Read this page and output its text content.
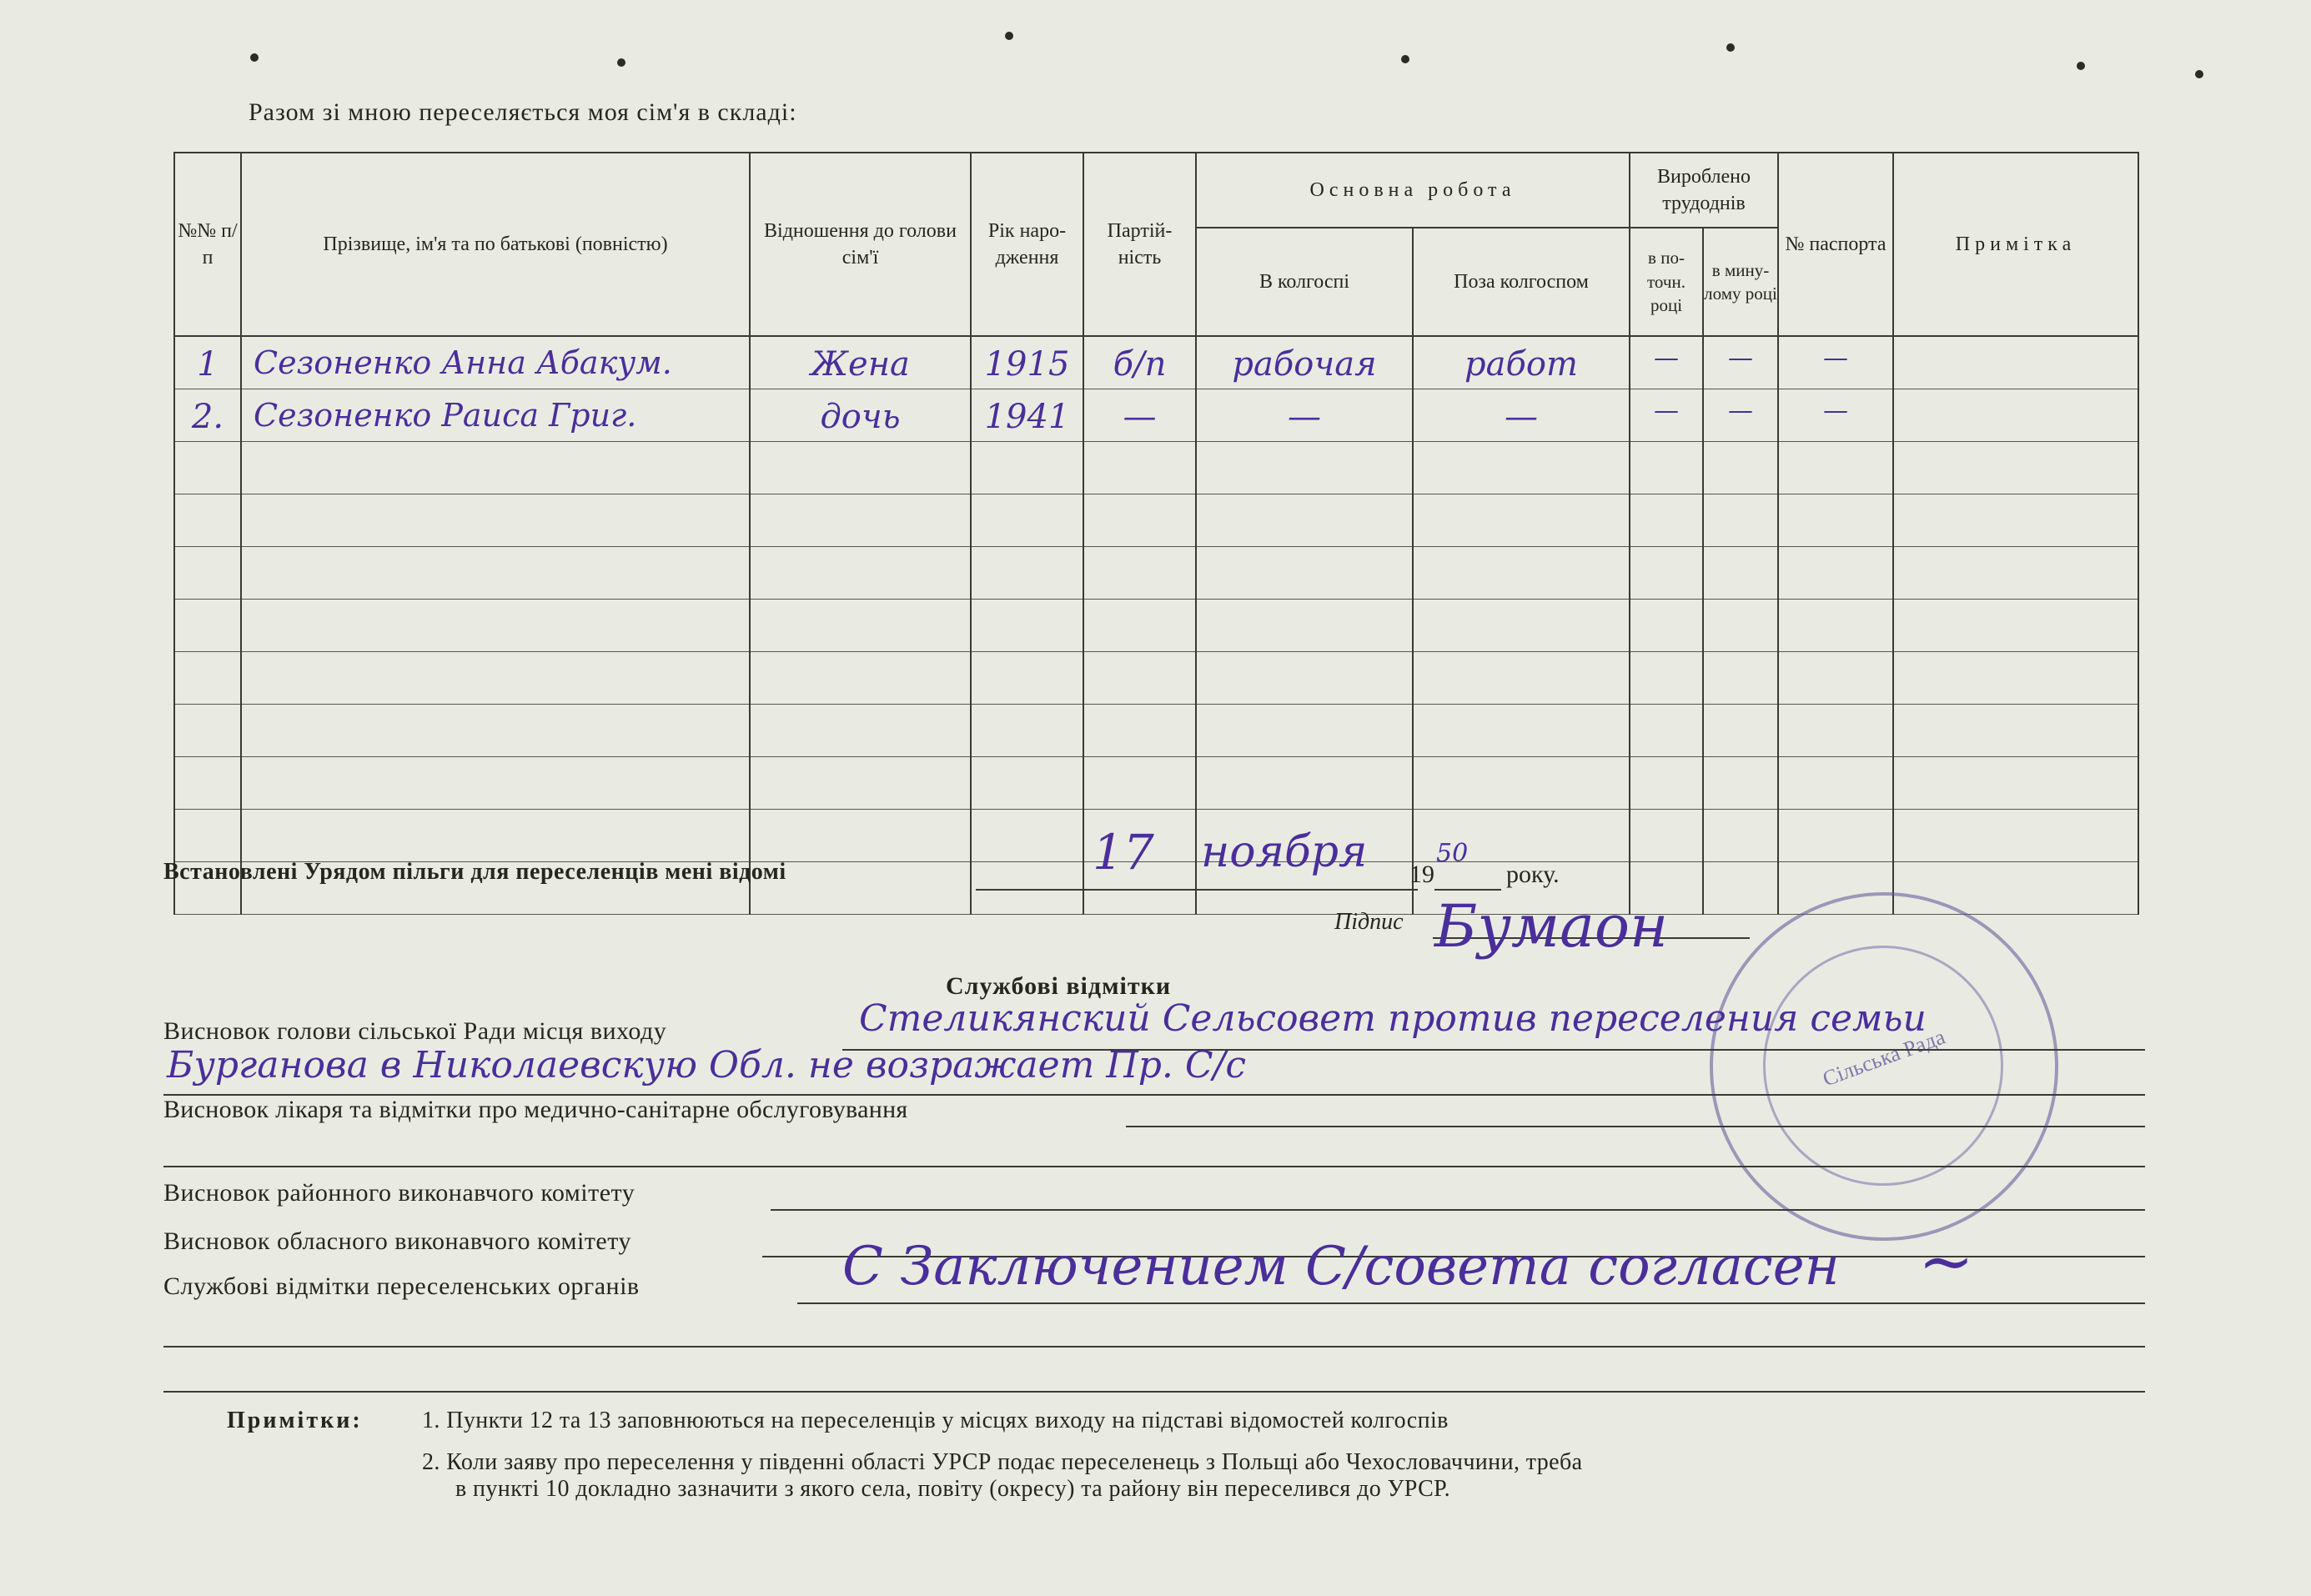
Разом зі мною переселяється моя сім'я в складі:
№№ п/п	Прізвище, ім'я та по батькові (повністю)	Відношення до голови сім'ї	Рік наро- дження	Партій- ність	Основна робота		Вироблено трудоднів		№ паспорта	Примітка
					В колгоспі	Поза колгоспом	в по- точн. році	в мину- лому році		

1	Сезоненко Анна Абакум.	Жена	1915	б/п	рабочая	работ	—	—	—	

2.	Сезоненко Раиса Григ.	дочь	1941	—	—	—	—	—	—	

Встановлені Урядом пільги для переселенців мені відомі	17 ноября 19
50
року.
Підпис Бумаон
Сільська Рада
Службові відмітки
Висновок голови сільської Ради місця виходу	Стеликянский Сельсовет против переселения семьи
Бурганова в Николаевскую Обл. не возражает Пр. С/с
Висновок лікаря та відмітки про медично-санітарне обслуговування
Висновок районного виконавчого комітету
Висновок обласного виконавчого комітету
Службові відмітки переселенських органів	С Заключением С/совета согласен ~
Примітки:	1. Пункти 12 та 13 заповнюються на переселенців у місцях виходу на підставі відомостей колгоспів
2. Коли заяву про переселення у південні області УРСР подає переселенець з Польщі або Чехословаччини, треба
в пункті 10 докладно зазначити з якого села, повіту (окресу) та району він переселився до УРСР.
